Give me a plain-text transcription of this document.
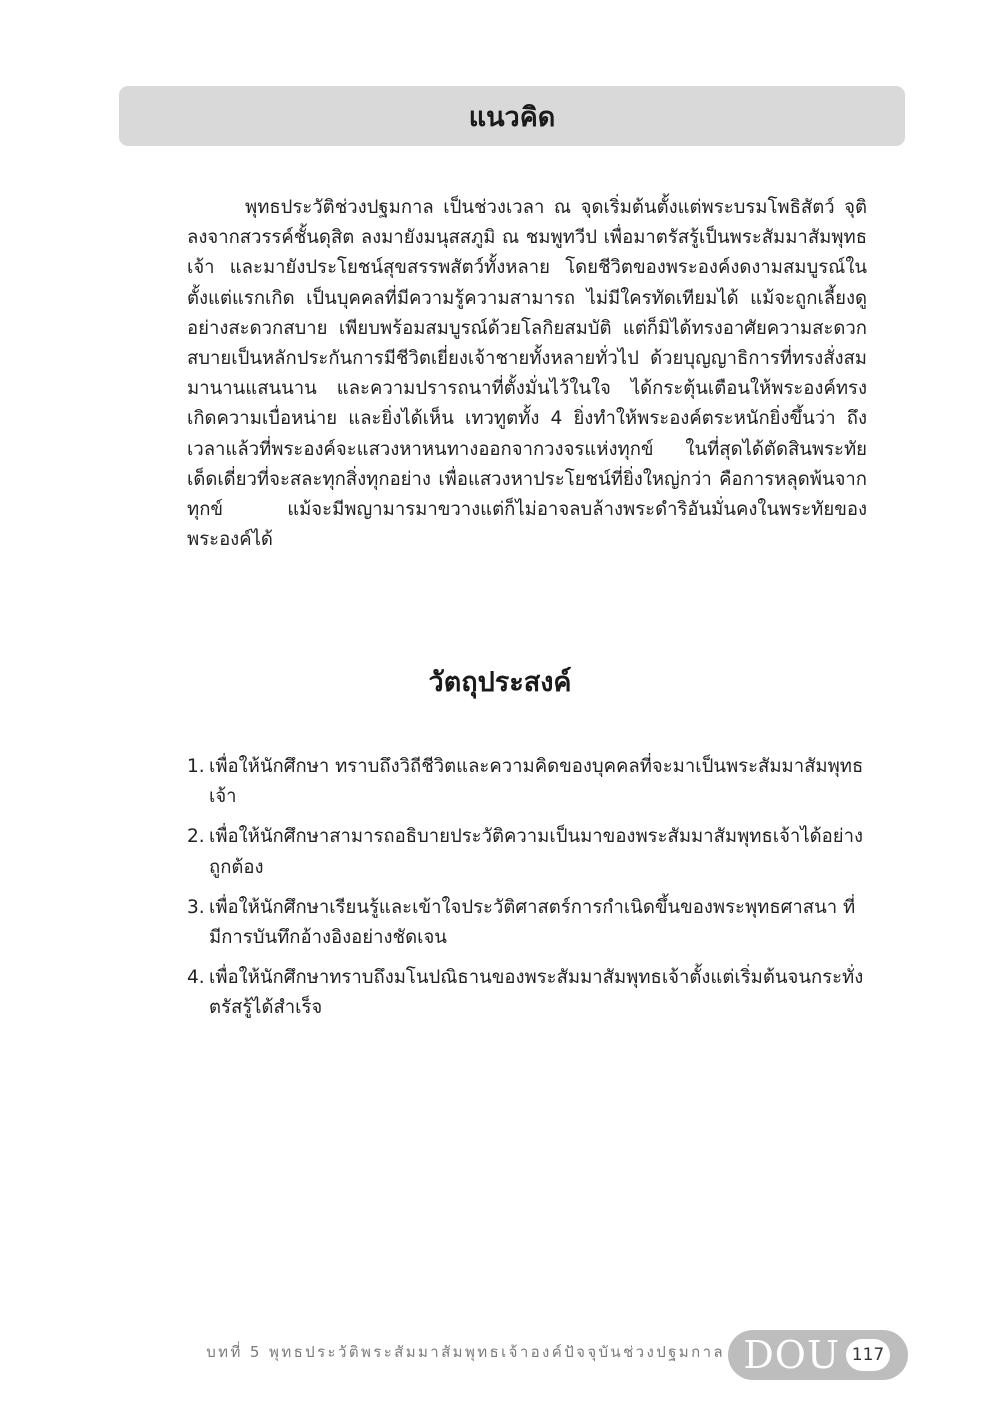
แนวคิด

พุทธประวัติช่วงปฐมกาล เป็นช่วงเวลา ณ จุดเริ่มต้นตั้งแต่พระบรมโพธิสัตว์ จุติลงจากสวรรค์ชั้นดุสิต ลงมายังมนุสสภูมิ ณ ชมพูทวีป เพื่อมาตรัสรู้เป็นพระสัมมาสัมพุทธเจ้า และมายังประโยชน์สุขสรรพสัตว์ทั้งหลาย โดยชีวิตของพระองค์งดงามสมบูรณ์ในตั้งแต่แรกเกิด เป็นบุคคลที่มีความรู้ความสามารถ ไม่มีใครทัดเทียมได้ แม้จะถูกเลี้ยงดูอย่างสะดวกสบาย เพียบพร้อมสมบูรณ์ด้วยโลกิยสมบัติ แต่ก็มิได้ทรงอาศัยความสะดวกสบายเป็นหลักประกันการมีชีวิตเยี่ยงเจ้าชายทั้งหลายทั่วไป ด้วยบุญญาธิการที่ทรงสั่งสมมานานแสนนาน และความปรารถนาที่ตั้งมั่นไว้ในใจ ได้กระตุ้นเตือนให้พระองค์ทรงเกิดความเบื่อหน่าย และยิ่งได้เห็น เทวทูตทั้ง 4 ยิ่งทำให้พระองค์ตระหนักยิ่งขึ้นว่า ถึงเวลาแล้วที่พระองค์จะแสวงหาหนทางออกจากวงจรแห่งทุกข์ ในที่สุดได้ตัดสินพระทัยเด็ดเดี่ยวที่จะสละทุกสิ่งทุกอย่าง เพื่อแสวงหาประโยชน์ที่ยิ่งใหญ่กว่า คือการหลุดพ้นจากทุกข์ แม้จะมีพญามารมาขวางแต่ก็ไม่อาจลบล้างพระดำริอันมั่นคงในพระทัยของพระองค์ได้

วัตถุประสงค์
1. เพื่อให้นักศึกษา ทราบถึงวิถีชีวิตและความคิดของบุคคลที่จะมาเป็นพระสัมมาสัมพุทธเจ้า
2. เพื่อให้นักศึกษาสามารถอธิบายประวัติความเป็นมาของพระสัมมาสัมพุทธเจ้าได้อย่างถูกต้อง
3. เพื่อให้นักศึกษาเรียนรู้และเข้าใจประวัติศาสตร์การกำเนิดขึ้นของพระพุทธศาสนา ที่มีการบันทึกอ้างอิงอย่างชัดเจน
4. เพื่อให้นักศึกษาทราบถึงมโนปณิธานของพระสัมมาสัมพุทธเจ้าตั้งแต่เริ่มต้นจนกระทั่งตรัสรู้ได้สำเร็จ
บทที่ 5 พุทธประวัติพระสัมมาสัมพุทธเจ้าองค์ปัจจุบันช่วงปฐมกาล DOU 117
